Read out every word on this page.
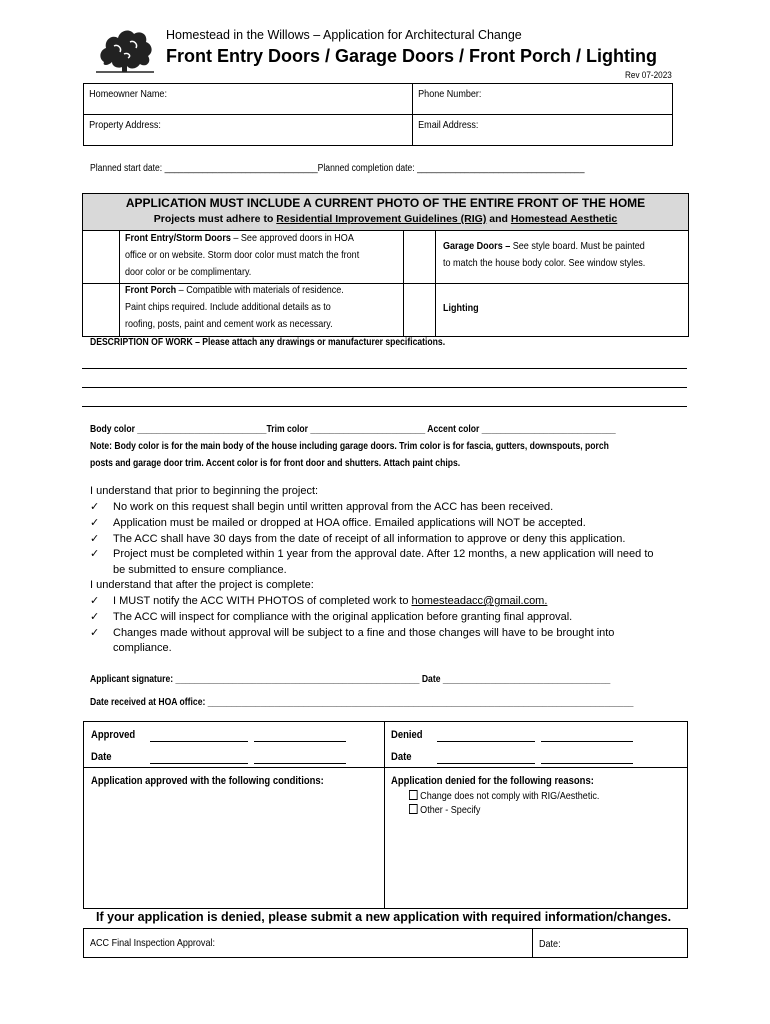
Homestead in the Willows – Application for Architectural Change
Front Entry Doors / Garage Doors / Front Porch / Lighting
Rev 07-2023
Homeowner Name:	Phone Number:

Property Address:	Email Address:
Planned start date: ________________________________Planned completion date: ___________________________________
APPLICATION MUST INCLUDE A CURRENT PHOTO OF THE ENTIRE FRONT OF THE HOME
Projects must adhere to Residential Improvement Guidelines (RIG) and Homestead Aesthetic
Front Entry/Storm Doors – See approved doors in HOA
office or on website. Storm door color must match the front
door color or be complimentary.
Front Porch – Compatible with materials of residence.
Paint chips required. Include additional details as to
roofing, posts, paint and cement work as necessary.
Garage Doors – See style board. Must be painted
to match the house body color. See window styles.
Lighting
DESCRIPTION OF WORK – Please attach any drawings or manufacturer specifications.
Body color ___________________________Trim color ________________________ Accent color ____________________________
Note: Body color is for the main body of the house including garage doors. Trim color is for fascia, gutters, downspouts, porch
posts and garage door trim. Accent color is for front door and shutters. Attach paint chips.
I understand that prior to beginning the project:
✓ No work on this request shall begin until written approval from the ACC has been received.
✓ Application must be mailed or dropped at HOA office. Emailed applications will NOT be accepted.
✓ The ACC shall have 30 days from the date of receipt of all information to approve or deny this application.
✓ Project must be completed within 1 year from the approval date. After 12 months, a new application will need to
be submitted to ensure compliance.
I understand that after the project is complete:
✓ I MUST notify the ACC WITH PHOTOS of completed work to homesteadacc@gmail.com.
✓ The ACC will inspect for compliance with the original application before granting final approval.
✓ Changes made without approval will be subject to a fine and those changes will have to be brought into
compliance.
Applicant signature: ___________________________________________________ Date ___________________________________
Date received at HOA office: _________________________________________________________________________________________
Approved
Date
Denied
Date
Application approved with the following conditions:	Application denied for the following reasons:
Change does not comply with RIG/Aesthetic.
Other - Specify
If your application is denied, please submit a new application with required information/changes.
ACC Final Inspection Approval:	Date:
